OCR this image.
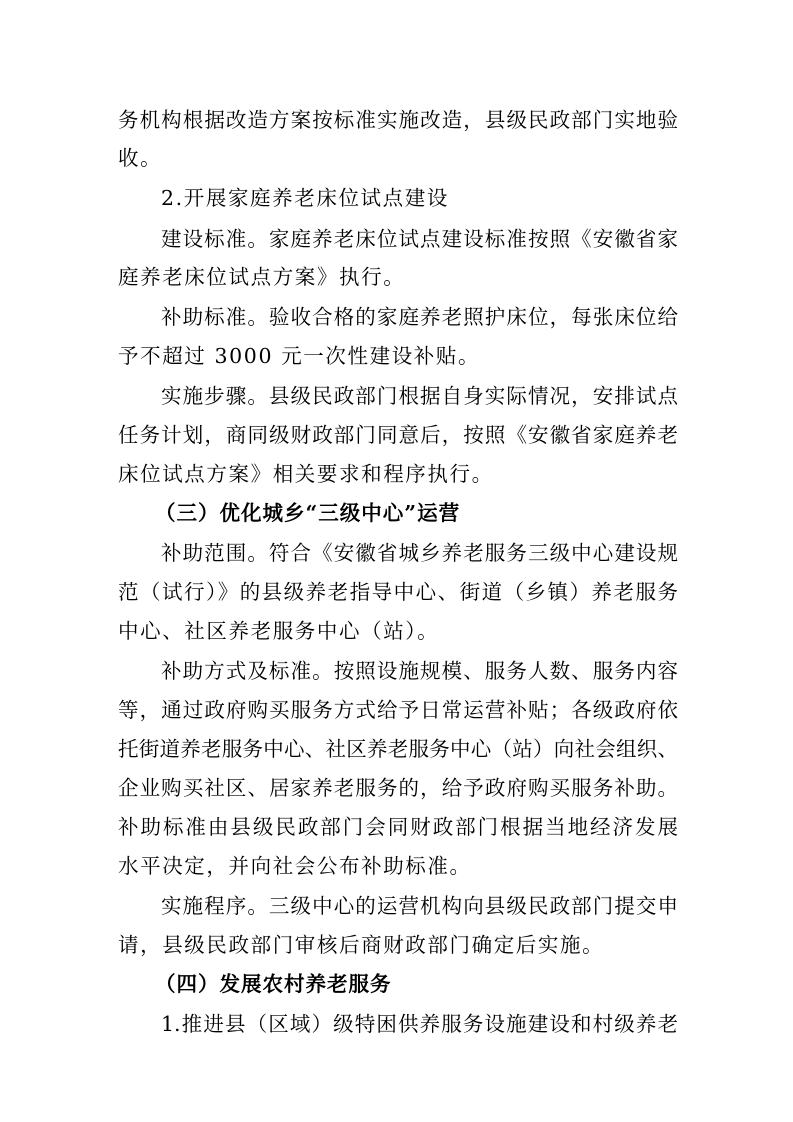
务机构根据改造方案按标准实施改造，县级民政部门实地验
收。
2.开展家庭养老床位试点建设
建设标准。家庭养老床位试点建设标准按照《安徽省家
庭养老床位试点方案》执行。
补助标准。验收合格的家庭养老照护床位，每张床位给
予不超过 3000 元一次性建设补贴。
实施步骤。县级民政部门根据自身实际情况，安排试点
任务计划，商同级财政部门同意后，按照《安徽省家庭养老
床位试点方案》相关要求和程序执行。
（三）优化城乡“三级中心”运营
补助范围。符合《安徽省城乡养老服务三级中心建设规
范（试行）》的县级养老指导中心、街道（乡镇）养老服务
中心、社区养老服务中心（站）。
补助方式及标准。按照设施规模、服务人数、服务内容
等，通过政府购买服务方式给予日常运营补贴；各级政府依
托街道养老服务中心、社区养老服务中心（站）向社会组织、
企业购买社区、居家养老服务的，给予政府购买服务补助。
补助标准由县级民政部门会同财政部门根据当地经济发展
水平决定，并向社会公布补助标准。
实施程序。三级中心的运营机构向县级民政部门提交申
请，县级民政部门审核后商财政部门确定后实施。
（四）发展农村养老服务
1.推进县（区域）级特困供养服务设施建设和村级养老
